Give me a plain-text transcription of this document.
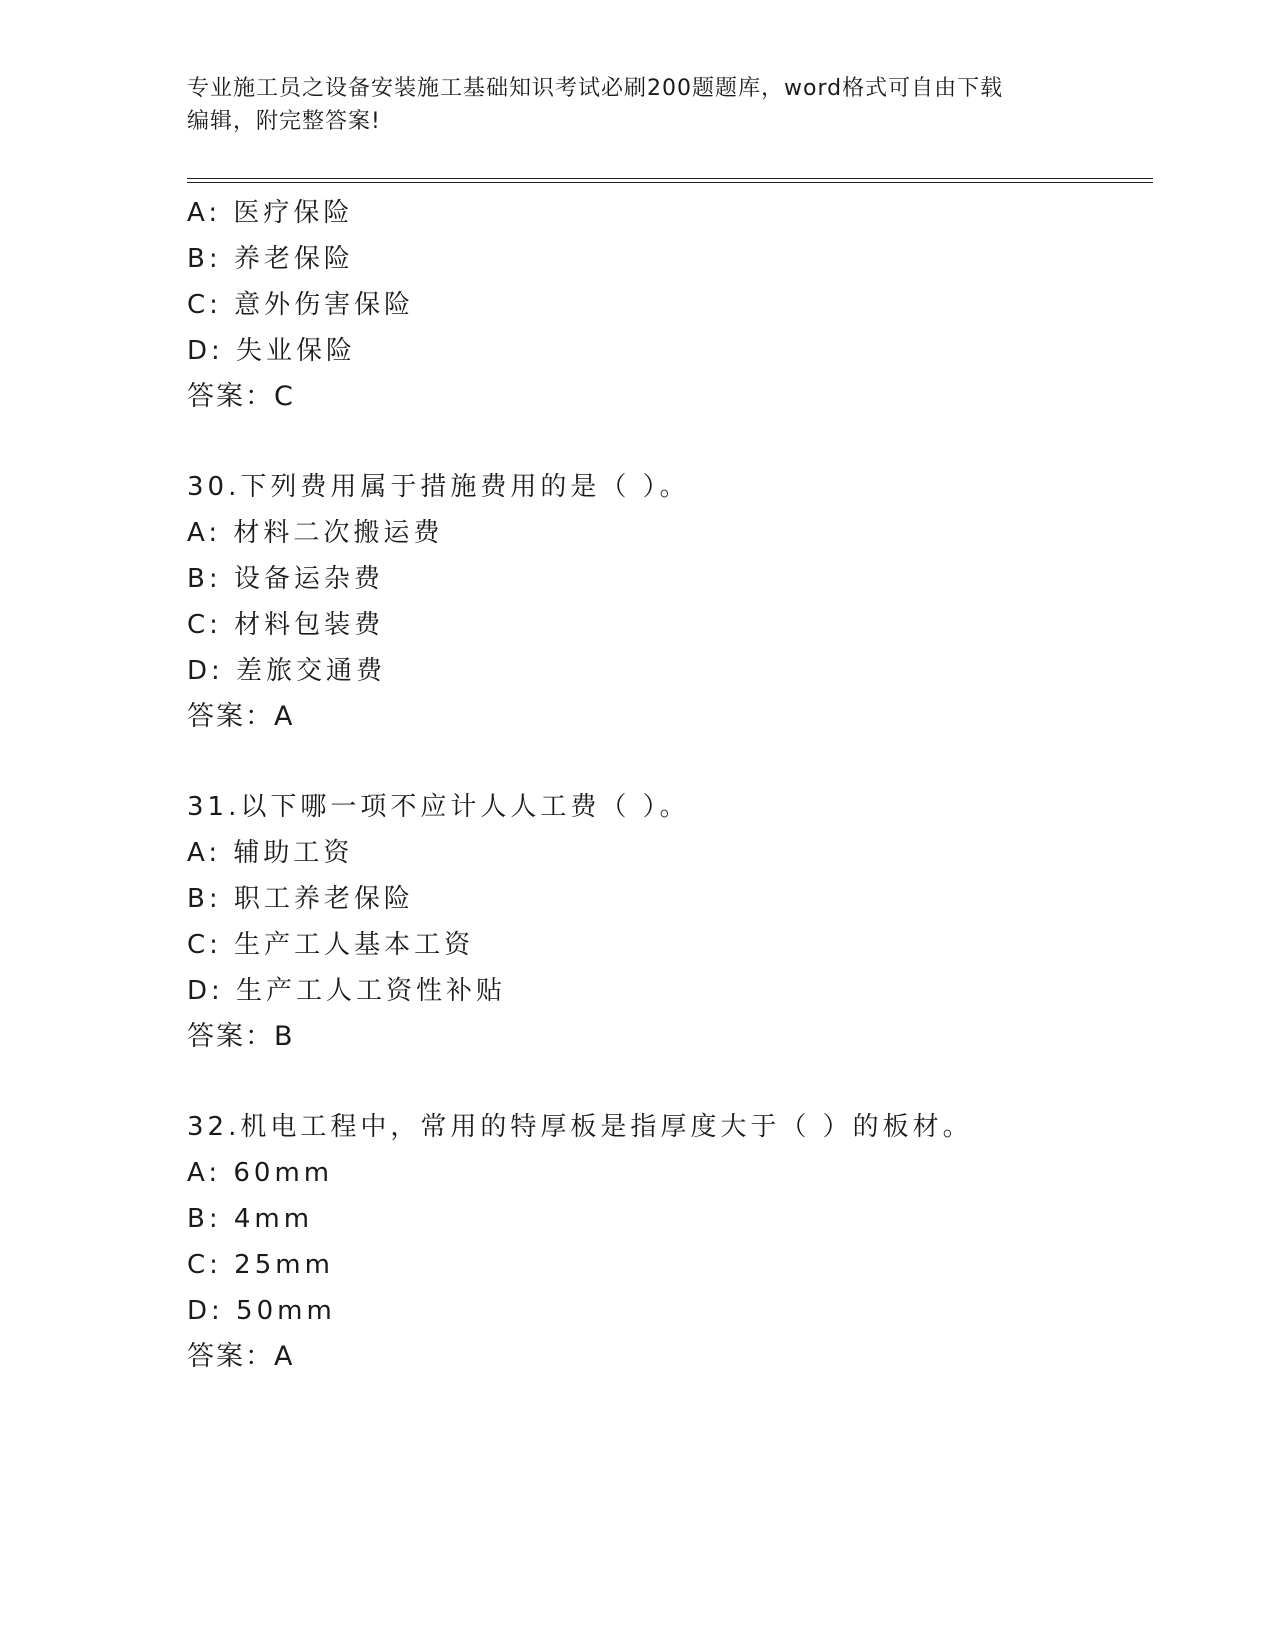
专业施工员之设备安装施工基础知识考试必刷200题题库，word格式可自由下载
编辑，附完整答案!
A: 医疗保险
B: 养老保险
C: 意外伤害保险
D: 失业保险
答案：C
30.下列费用属于措施费用的是（ ）。
A: 材料二次搬运费
B: 设备运杂费
C: 材料包装费
D: 差旅交通费
答案：A
31.以下哪一项不应计人人工费（ ）。
A: 辅助工资
B: 职工养老保险
C: 生产工人基本工资
D: 生产工人工资性补贴
答案：B
32.机电工程中，常用的特厚板是指厚度大于（ ）的板材。
A: 60mm
B: 4mm
C: 25mm
D: 50mm
答案：A
